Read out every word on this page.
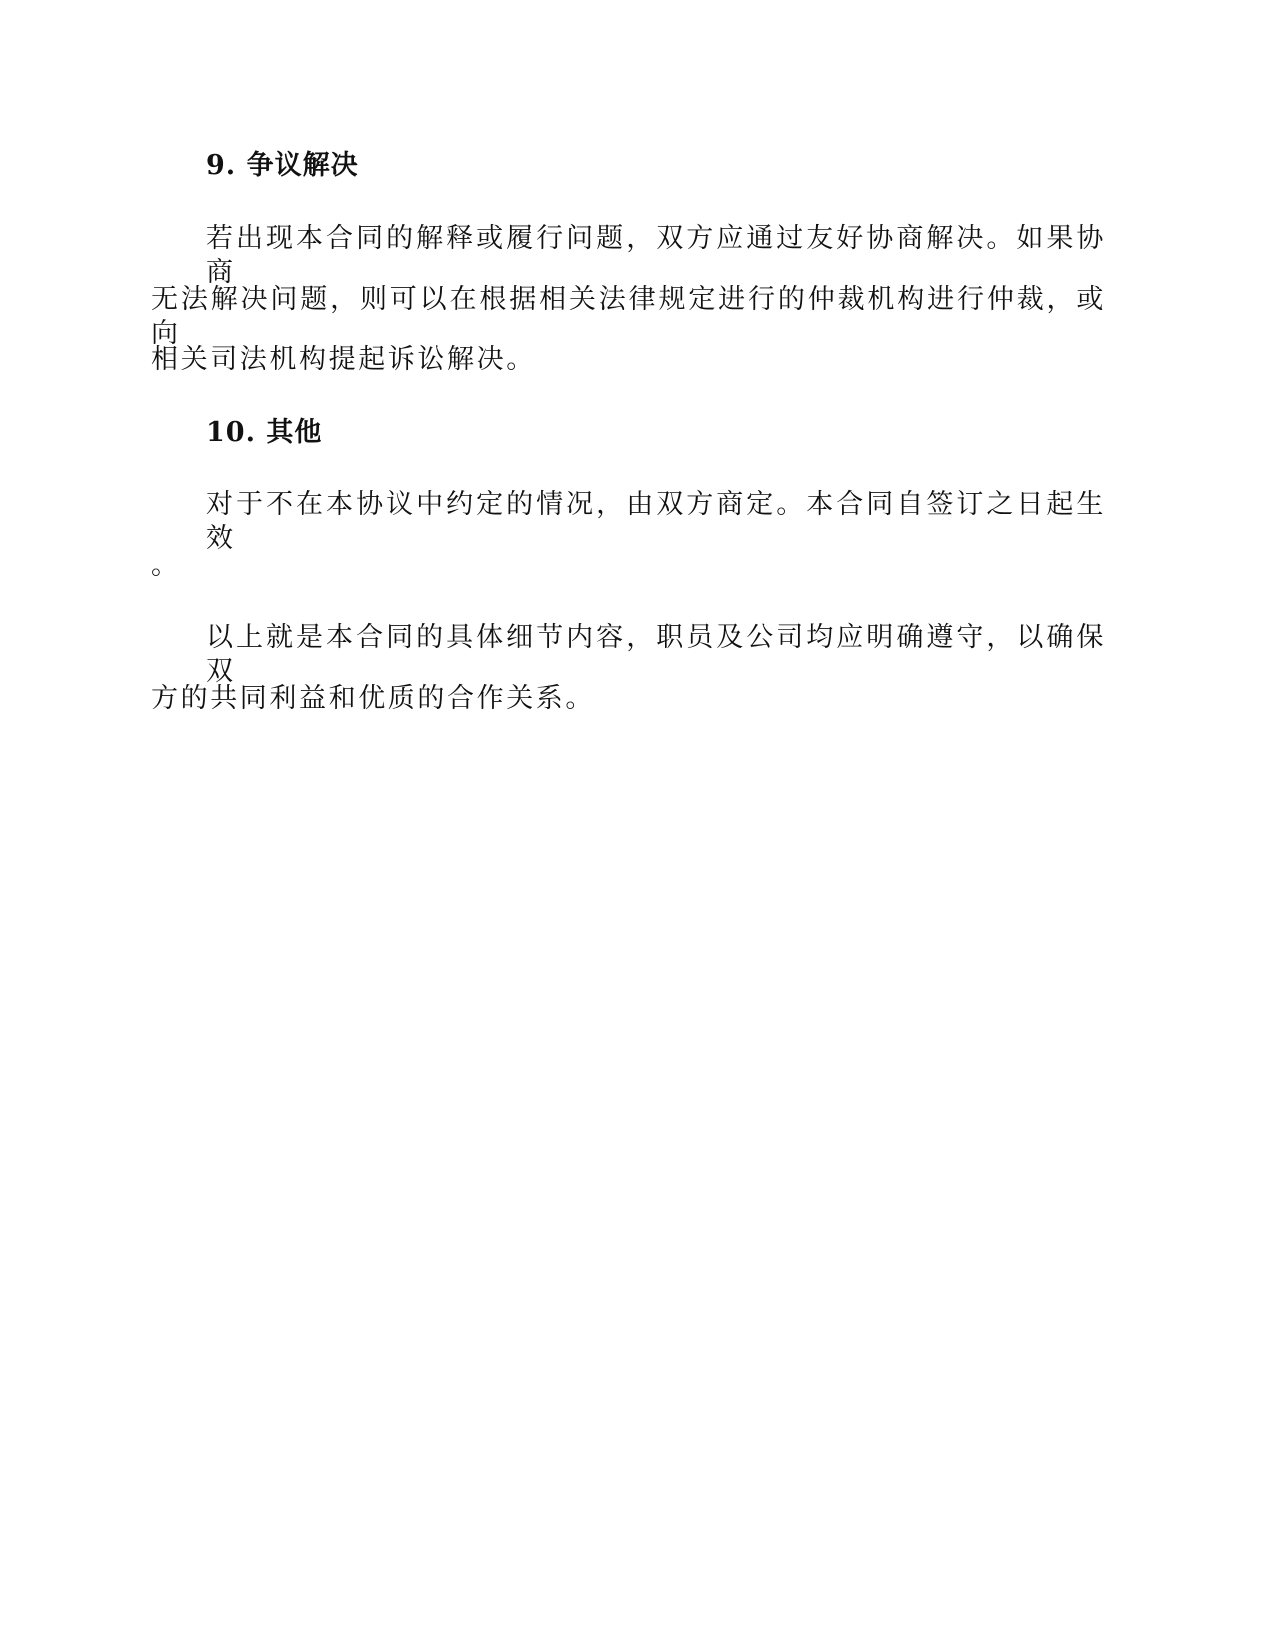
9. 争议解决
若出现本合同的解释或履行问题，双方应通过友好协商解决。如果协商
无法解决问题，则可以在根据相关法律规定进行的仲裁机构进行仲裁，或向
相关司法机构提起诉讼解决。
10. 其他
对于不在本协议中约定的情况，由双方商定。本合同自签订之日起生效
。
以上就是本合同的具体细节内容，职员及公司均应明确遵守，以确保双
方的共同利益和优质的合作关系。
